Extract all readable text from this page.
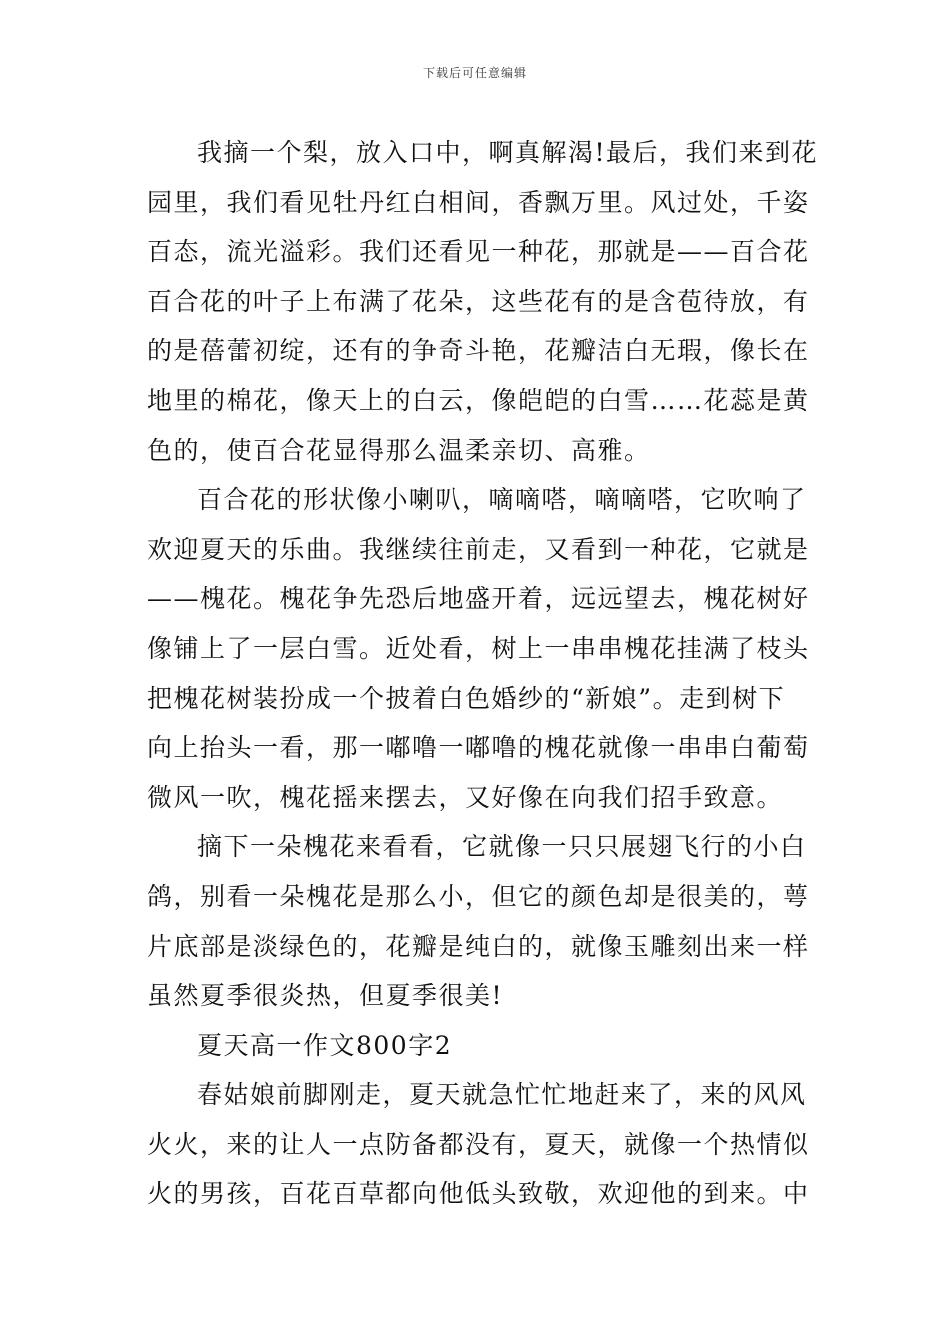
下载后可任意编辑
我摘一个梨，放入口中，啊真解渴!最后，我们来到花
园里，我们看见牡丹红白相间，香飘万里。风过处，千姿
百态，流光溢彩。我们还看见一种花，那就是——百合花
百合花的叶子上布满了花朵，这些花有的是含苞待放，有
的是蓓蕾初绽，还有的争奇斗艳，花瓣洁白无瑕，像长在
地里的棉花，像天上的白云，像皑皑的白雪……花蕊是黄
色的，使百合花显得那么温柔亲切、高雅。
百合花的形状像小喇叭，嘀嘀嗒，嘀嘀嗒，它吹响了
欢迎夏天的乐曲。我继续往前走，又看到一种花，它就是
——槐花。槐花争先恐后地盛开着，远远望去，槐花树好
像铺上了一层白雪。近处看，树上一串串槐花挂满了枝头
把槐花树装扮成一个披着白色婚纱的“新娘”。走到树下
向上抬头一看，那一嘟噜一嘟噜的槐花就像一串串白葡萄
微风一吹，槐花摇来摆去，又好像在向我们招手致意。
摘下一朵槐花来看看，它就像一只只展翅飞行的小白
鸽，别看一朵槐花是那么小，但它的颜色却是很美的，萼
片底部是淡绿色的，花瓣是纯白的，就像玉雕刻出来一样
虽然夏季很炎热，但夏季很美!
夏天高一作文800字2
春姑娘前脚刚走，夏天就急忙忙地赶来了，来的风风
火火，来的让人一点防备都没有，夏天，就像一个热情似
火的男孩，百花百草都向他低头致敬，欢迎他的到来。中
